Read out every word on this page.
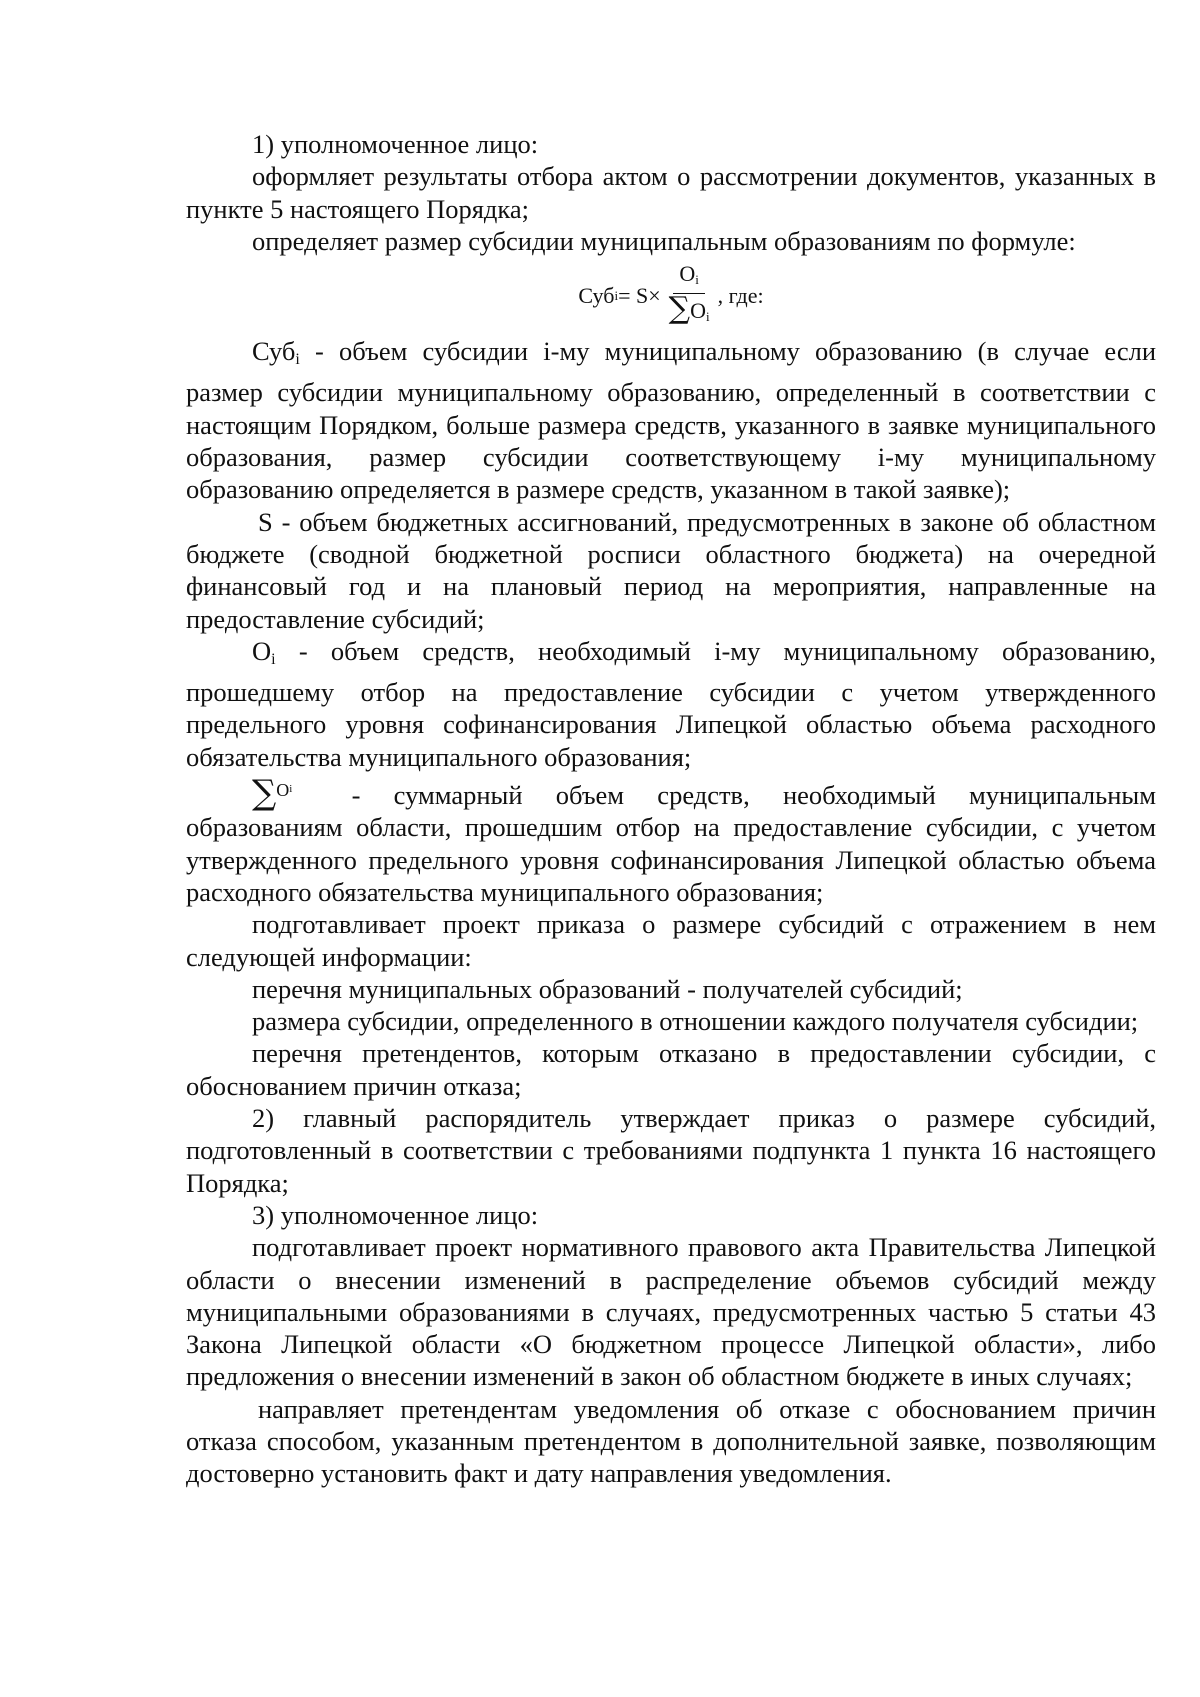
1) уполномоченное лицо:

оформляет результаты отбора актом о рассмотрении документов, указанных в пункте 5 настоящего Порядка;

определяет размер субсидии муниципальным образованиям по формуле:

Суб $i = S\times \frac{O_i}{\sum O_i}$ , где:

Суб$_i$ - объем субсидии i-му муниципальному образованию (в случае если размер субсидии муниципальному образованию, определенный в соответствии с настоящим Порядком, больше размера средств, указанного в заявке муниципального образования, размер субсидии соответствующему i-му муниципальному образованию определяется в размере средств, указанном в такой заявке);

S - объем бюджетных ассигнований, предусмотренных в законе об областном бюджете (сводной бюджетной росписи областного бюджета) на очередной финансовый год и на плановый период на мероприятия, направленные на предоставление субсидий;

$O_i$ - объем средств, необходимый i-му муниципальному образованию, прошедшему отбор на предоставление субсидии с учетом утвержденного предельного уровня софинансирования Липецкой областью объема расходного обязательства муниципального образования;

∑$^{O^i}$ - суммарный объем средств, необходимый муниципальным образованиям области, прошедшим отбор на предоставление субсидии, с учетом утвержденного предельного уровня софинансирования Липецкой областью объема расходного обязательства муниципального образования;

подготавливает проект приказа о размере субсидий с отражением в нем следующей информации:

перечня муниципальных образований - получателей субсидий;

размера субсидии, определенного в отношении каждого получателя субсидии;

перечня претендентов, которым отказано в предоставлении субсидии, с обоснованием причин отказа;

2) главный распорядитель утверждает приказ о размере субсидий, подготовленный в соответствии с требованиями подпункта 1 пункта 16 настоящего Порядка;

3) уполномоченное лицо:

подготавливает проект нормативного правового акта Правительства Липецкой области о внесении изменений в распределение объемов субсидий между муниципальными образованиями в случаях, предусмотренных частью 5 статьи 43 Закона Липецкой области «О бюджетном процессе Липецкой области», либо предложения о внесении изменений в закон об областном бюджете в иных случаях;

направляет претендентам уведомления об отказе с обоснованием причин отказа способом, указанным претендентом в дополнительной заявке, позволяющим достоверно установить факт и дату направления уведомления.
